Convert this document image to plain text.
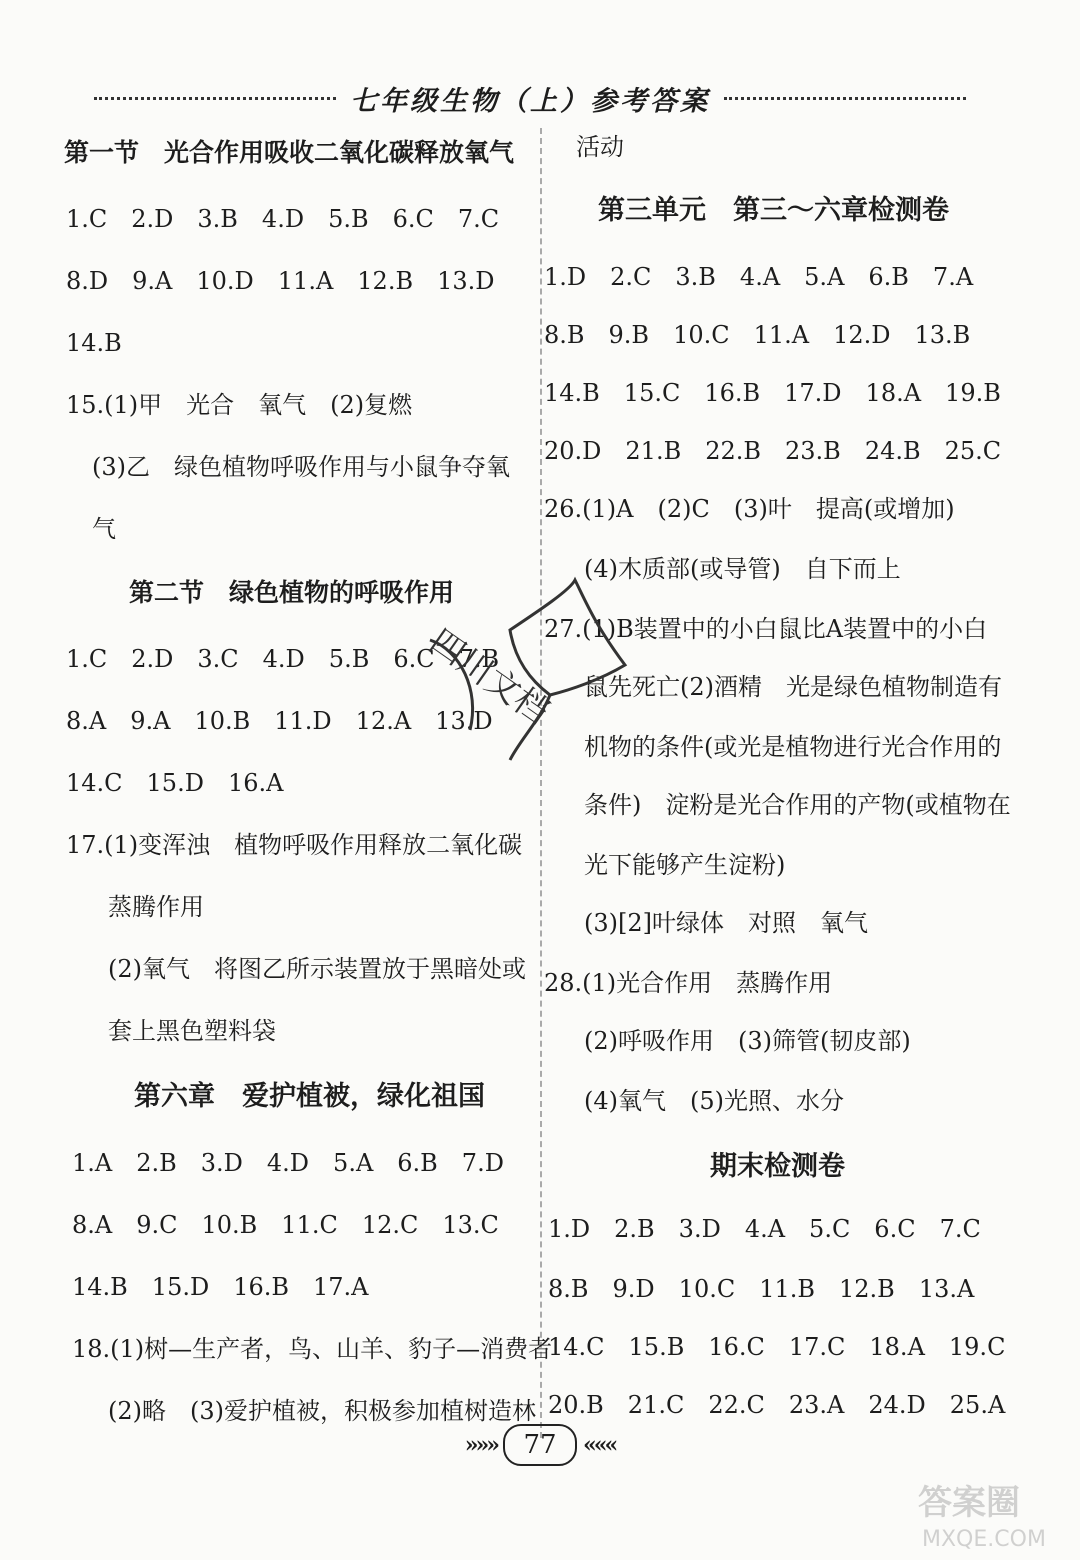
七年级生物（上）参考答案
第一节　光合作用吸收二氧化碳释放氧气
1.C　2.D　3.B　4.D　5.B　6.C　7.C
8.D　9.A　10.D　11.A　12.B　13.D
14.B
15.(1)甲　光合　氧气　(2)复燃
　(3)乙　绿色植物呼吸作用与小鼠争夺氧
　气
　第二节　绿色植物的呼吸作用
1.C　2.D　3.C　4.D　5.B　6.C　7.B
8.A　9.A　10.B　11.D　12.A　13.D
14.C　15.D　16.A
17.(1)变浑浊　植物呼吸作用释放二氧化碳
　蒸腾作用
　(2)氧气　将图乙所示装置放于黑暗处或
　套上黑色塑料袋
第六章　爱护植被，绿化祖国
1.A　2.B　3.D　4.D　5.A　6.B　7.D
8.A　9.C　10.B　11.C　12.C　13.C
14.B　15.D　16.B　17.A
18.(1)树—生产者，鸟、山羊、豹子—消费者
　(2)略　(3)爱护植被，积极参加植树造林
活动
第三单元　第三～六章检测卷
1.D　2.C　3.B　4.A　5.A　6.B　7.A
8.B　9.B　10.C　11.A　12.D　13.B
14.B　15.C　16.B　17.D　18.A　19.B
20.D　21.B　22.B　23.B　24.B　25.C
26.(1)A　(2)C　(3)叶　提高(或增加)
　(4)木质部(或导管)　自下而上
27.(1)B装置中的小白鼠比A装置中的小白
　鼠先死亡(2)酒精　光是绿色植物制造有
　机物的条件(或光是植物进行光合作用的
　条件)　淀粉是光合作用的产物(或植物在
　光下能够产生淀粉)
　(3)[2]叶绿体　对照　氧气
28.(1)光合作用　蒸腾作用
　(2)呼吸作用　(3)筛管(韧皮部)
　(4)氧气　(5)光照、水分
期末检测卷
1.D　2.B　3.D　4.A　5.C　6.C　7.C
8.B　9.D　10.C　11.B　12.B　13.A
14.C　15.B　16.C　17.C　18.A　19.C
20.B　21.C　22.C　23.A　24.D　25.A
四川文档
»»»	77	«««
答案圈
MXQE.COM
